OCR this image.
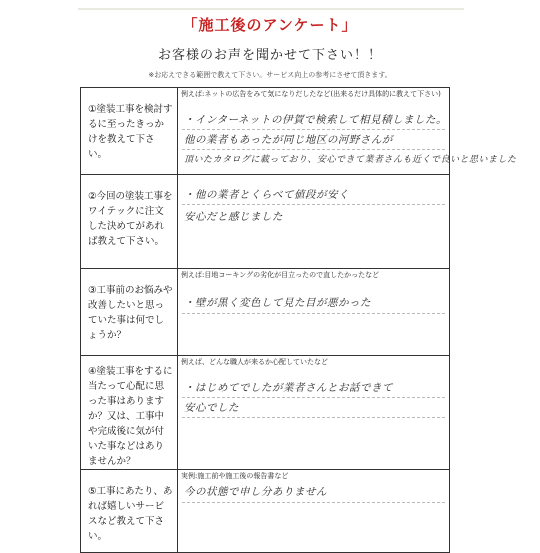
「施工後のアンケート」
お客様のお声を聞かせて下さい！！
※お応えできる範囲で教えて下さい。サービス向上の参考にさせて頂きます。
①塗装工事を検討するに至ったきっかけを教えて下さい。	例えば:ネットの広告をみて気になりだしたなど(出来るだけ具体的に教えて下さい)
・インターネットの伊賀で検索して相見積しました。
他の業者もあったが同じ地区の河野さんが
頂いたカタログに載っており、安心できて業者さんも近くで良いと思いました

②今回の塗装工事をワイテックに注文した決めてがあれば教えて下さい。	・他の業者とくらべて値段が安く
安心だと感じました

③工事前のお悩みや改善したいと思っていた事は何でしょうか？	例えば:目地コーキングの劣化が目立ったので直したかったなど
・壁が黒く変色して見た目が悪かった

④塗装工事をするに当たって心配に思った事はありますか？又は、工事中や完成後に気が付いた事などはありませんか？	例えば、どんな職人が来るか心配していたなど
・はじめてでしたが業者さんとお話できて
安心でした

⑤工事にあたり、あれば嬉しいサービスなど教えて下さい。	実例:施工前や施工後の報告書など
今の状態で申し分ありません
